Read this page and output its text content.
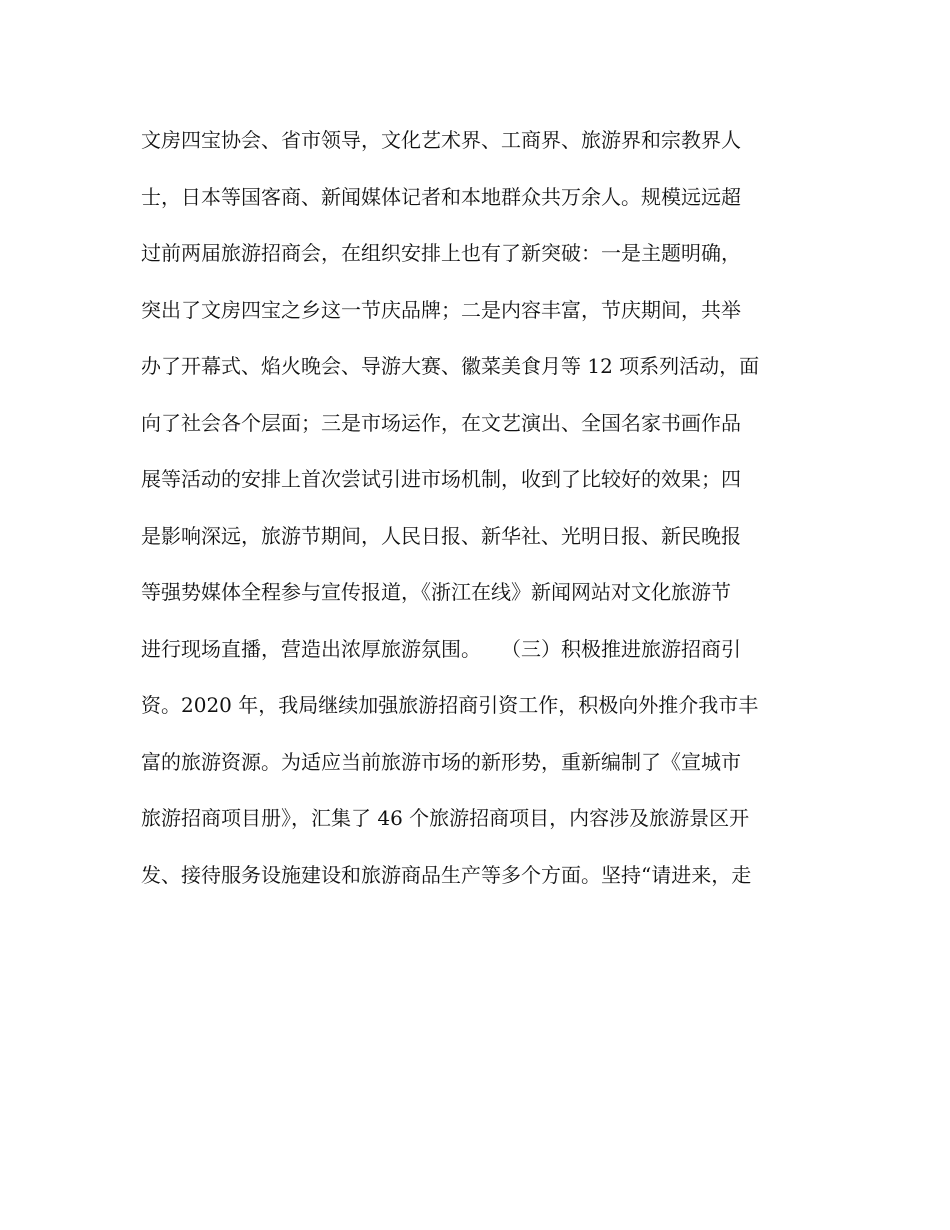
文房四宝协会、省市领导，文化艺术界、工商界、旅游界和宗教界人
士，日本等国客商、新闻媒体记者和本地群众共万余人。规模远远超
过前两届旅游招商会，在组织安排上也有了新突破：一是主题明确，
突出了文房四宝之乡这一节庆品牌；二是内容丰富，节庆期间，共举
办了开幕式、焰火晚会、导游大赛、徽菜美食月等 12 项系列活动，面
向了社会各个层面；三是市场运作，在文艺演出、全国名家书画作品
展等活动的安排上首次尝试引进市场机制，收到了比较好的效果；四
是影响深远，旅游节期间，人民日报、新华社、光明日报、新民晚报
等强势媒体全程参与宣传报道，《浙江在线》新闻网站对文化旅游节
进行现场直播，营造出浓厚旅游氛围。　　（三）积极推进旅游招商引
资。2020 年，我局继续加强旅游招商引资工作，积极向外推介我市丰
富的旅游资源。为适应当前旅游市场的新形势，重新编制了《宣城市
旅游招商项目册》，汇集了 46 个旅游招商项目，内容涉及旅游景区开
发、接待服务设施建设和旅游商品生产等多个方面。坚持“请进来，走
